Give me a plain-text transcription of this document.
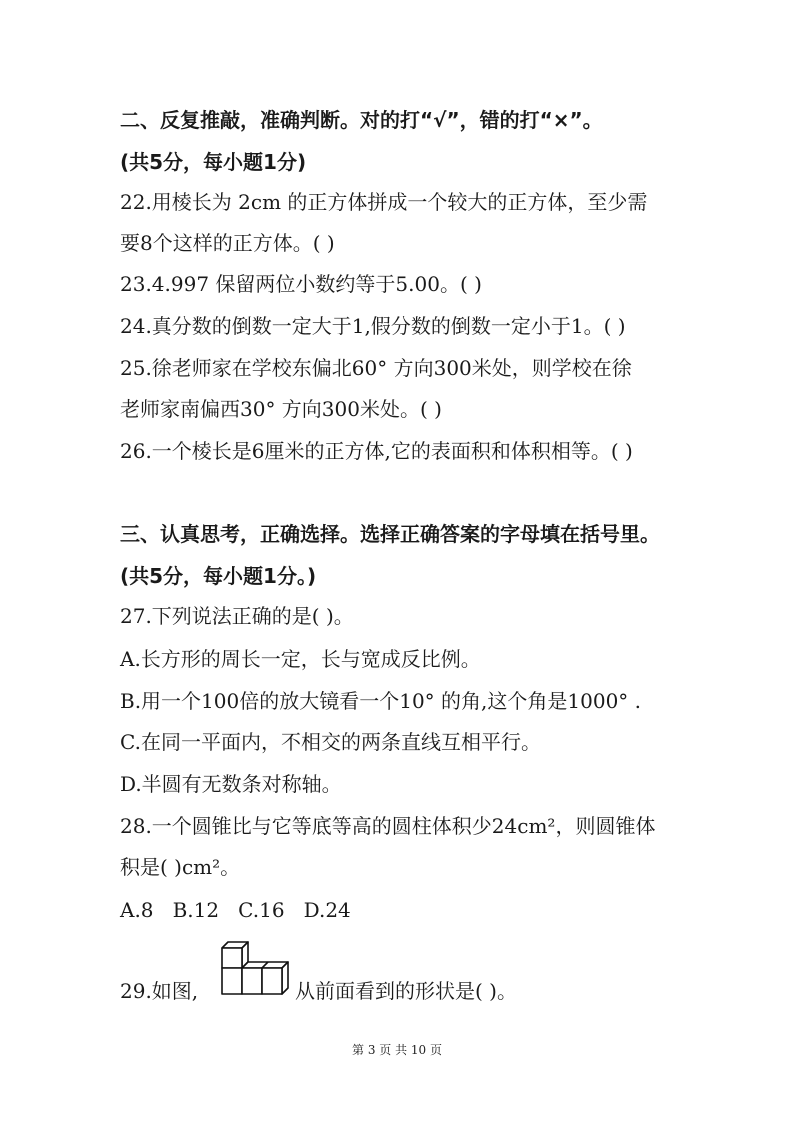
二、反复推敲，准确判断。对的打“√”，错的打“×”。
(共5分，每小题1分)
22.用棱长为 2cm 的正方体拼成一个较大的正方体，至少需
要8个这样的正方体。( )
23.4.997 保留两位小数约等于5.00。( )
24.真分数的倒数一定大于1,假分数的倒数一定小于1。( )
25.徐老师家在学校东偏北60° 方向300米处，则学校在徐
老师家南偏西30° 方向300米处。( )
26.一个棱长是6厘米的正方体,它的表面积和体积相等。( )
三、认真思考，正确选择。选择正确答案的字母填在括号里。
(共5分，每小题1分。)
27.下列说法正确的是( )。
A.长方形的周长一定，长与宽成反比例。
B.用一个100倍的放大镜看一个10° 的角,这个角是1000° .
C.在同一平面内，不相交的两条直线互相平行。
D.半圆有无数条对称轴。
28.一个圆锥比与它等底等高的圆柱体积少24cm²，则圆锥体
积是( )cm²。
A.8   B.12   C.16   D.24
29.如图,	从前面看到的形状是( )。
第 3 页 共 10 页
